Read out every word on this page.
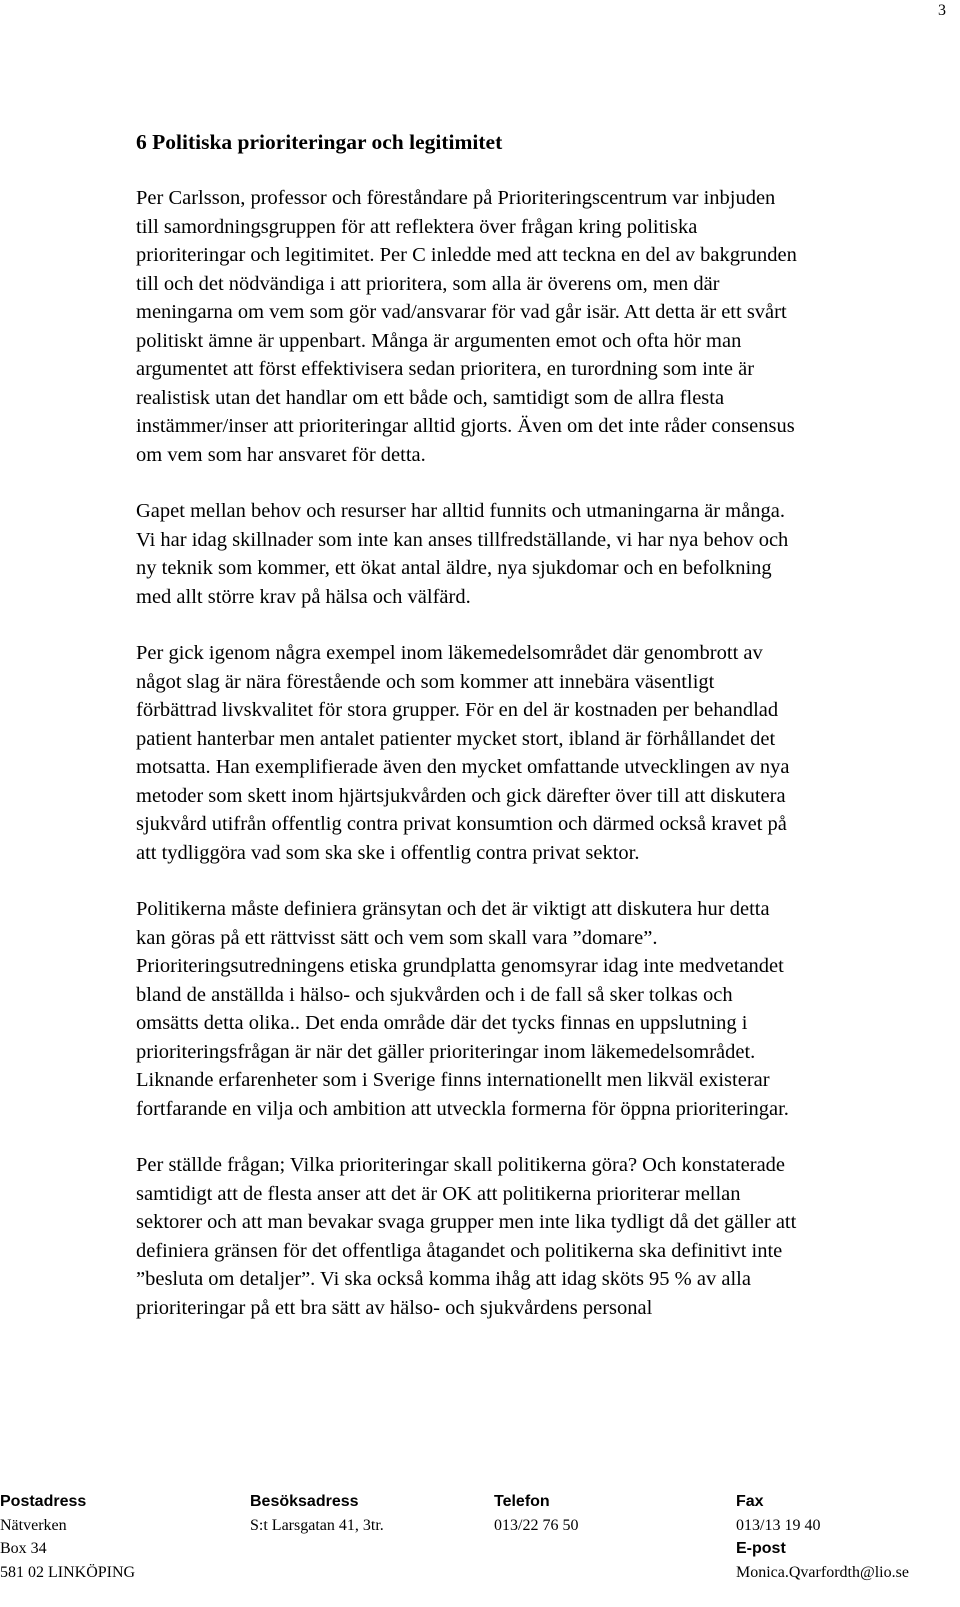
3
6 Politiska prioriteringar och legitimitet
Per Carlsson, professor och föreståndare på Prioriteringscentrum var inbjuden
till samordningsgruppen för att reflektera över frågan kring politiska
prioriteringar och legitimitet. Per C inledde med att teckna en del av bakgrunden
till och det nödvändiga i att prioritera, som alla är överens om, men där
meningarna om vem som gör vad/ansvarar för vad går isär. Att detta är ett svårt
politiskt ämne är uppenbart. Många är argumenten emot och ofta hör man
argumentet att först effektivisera sedan prioritera, en turordning som inte är
realistisk utan det handlar om ett både och, samtidigt som de allra flesta
instämmer/inser att prioriteringar alltid gjorts. Även om det inte råder consensus
om vem som har ansvaret för detta.
Gapet mellan behov och resurser har alltid funnits och utmaningarna är många.
Vi har idag skillnader som inte kan anses tillfredställande, vi har nya behov och
ny teknik som kommer, ett ökat antal äldre, nya sjukdomar och en befolkning
med allt större krav på hälsa och välfärd.
Per gick igenom några exempel inom läkemedelsområdet där genombrott av
något slag är nära förestående och som kommer att innebära väsentligt
förbättrad livskvalitet för stora grupper. För en del är kostnaden per behandlad
patient hanterbar men antalet patienter mycket stort, ibland är förhållandet det
motsatta. Han exemplifierade även den mycket omfattande utvecklingen av nya
metoder som skett inom hjärtsjukvården och gick därefter över till att diskutera
sjukvård utifrån offentlig contra privat konsumtion och därmed också kravet på
att tydliggöra vad som ska ske i offentlig contra privat sektor.
Politikerna måste definiera gränsytan och det är viktigt att diskutera hur detta
kan göras på ett rättvisst sätt och vem som skall vara ”domare”.
Prioriteringsutredningens etiska grundplatta genomsyrar idag inte medvetandet
bland de anställda i hälso- och sjukvården och i de fall så sker tolkas och
omsätts detta olika.. Det enda område där det tycks finnas en uppslutning i
prioriteringsfrågan är när det gäller prioriteringar inom läkemedelsområdet.
Liknande erfarenheter som i Sverige finns internationellt men likväl existerar
fortfarande en vilja och ambition att utveckla formerna för öppna prioriteringar.
Per ställde frågan; Vilka prioriteringar skall politikerna göra? Och konstaterade
samtidigt att de flesta anser att det är OK att politikerna prioriterar mellan
sektorer och att man bevakar svaga grupper men inte lika tydligt då det gäller att
definiera gränsen för det offentliga åtagandet och politikerna ska definitivt inte
”besluta om detaljer”. Vi ska också komma ihåg att idag sköts 95 % av alla
prioriteringar på ett bra sätt av hälso- och sjukvårdens personal
Postadress
Nätverken
Box 34
581 02 LINKÖPING
Besöksadress
S:t Larsgatan 41, 3tr.
Telefon
013/22 76 50
Fax
013/13 19 40
E-post
Monica.Qvarfordth@lio.se
